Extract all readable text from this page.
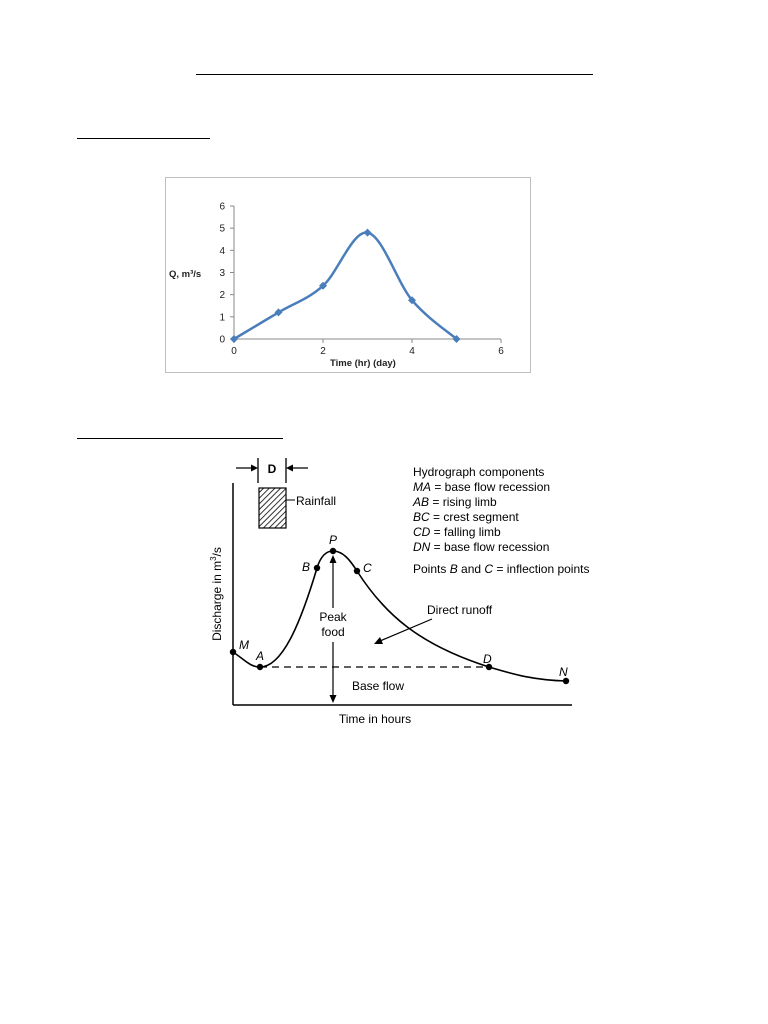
0
1
2
3
4
5
6
0	2	4	6
Q, m³/s
Time (hr) (day)
D
Rainfall
Hydrograph components
MA = base flow recession
AB = rising limb
BC = crest segment
CD = falling limb
DN = base flow recession
Points B and C = inflection points
Discharge in $m^3/s$
M
A
B
P
C
D
N
Peak
food
Direct runoff
Base flow
Time in hours
